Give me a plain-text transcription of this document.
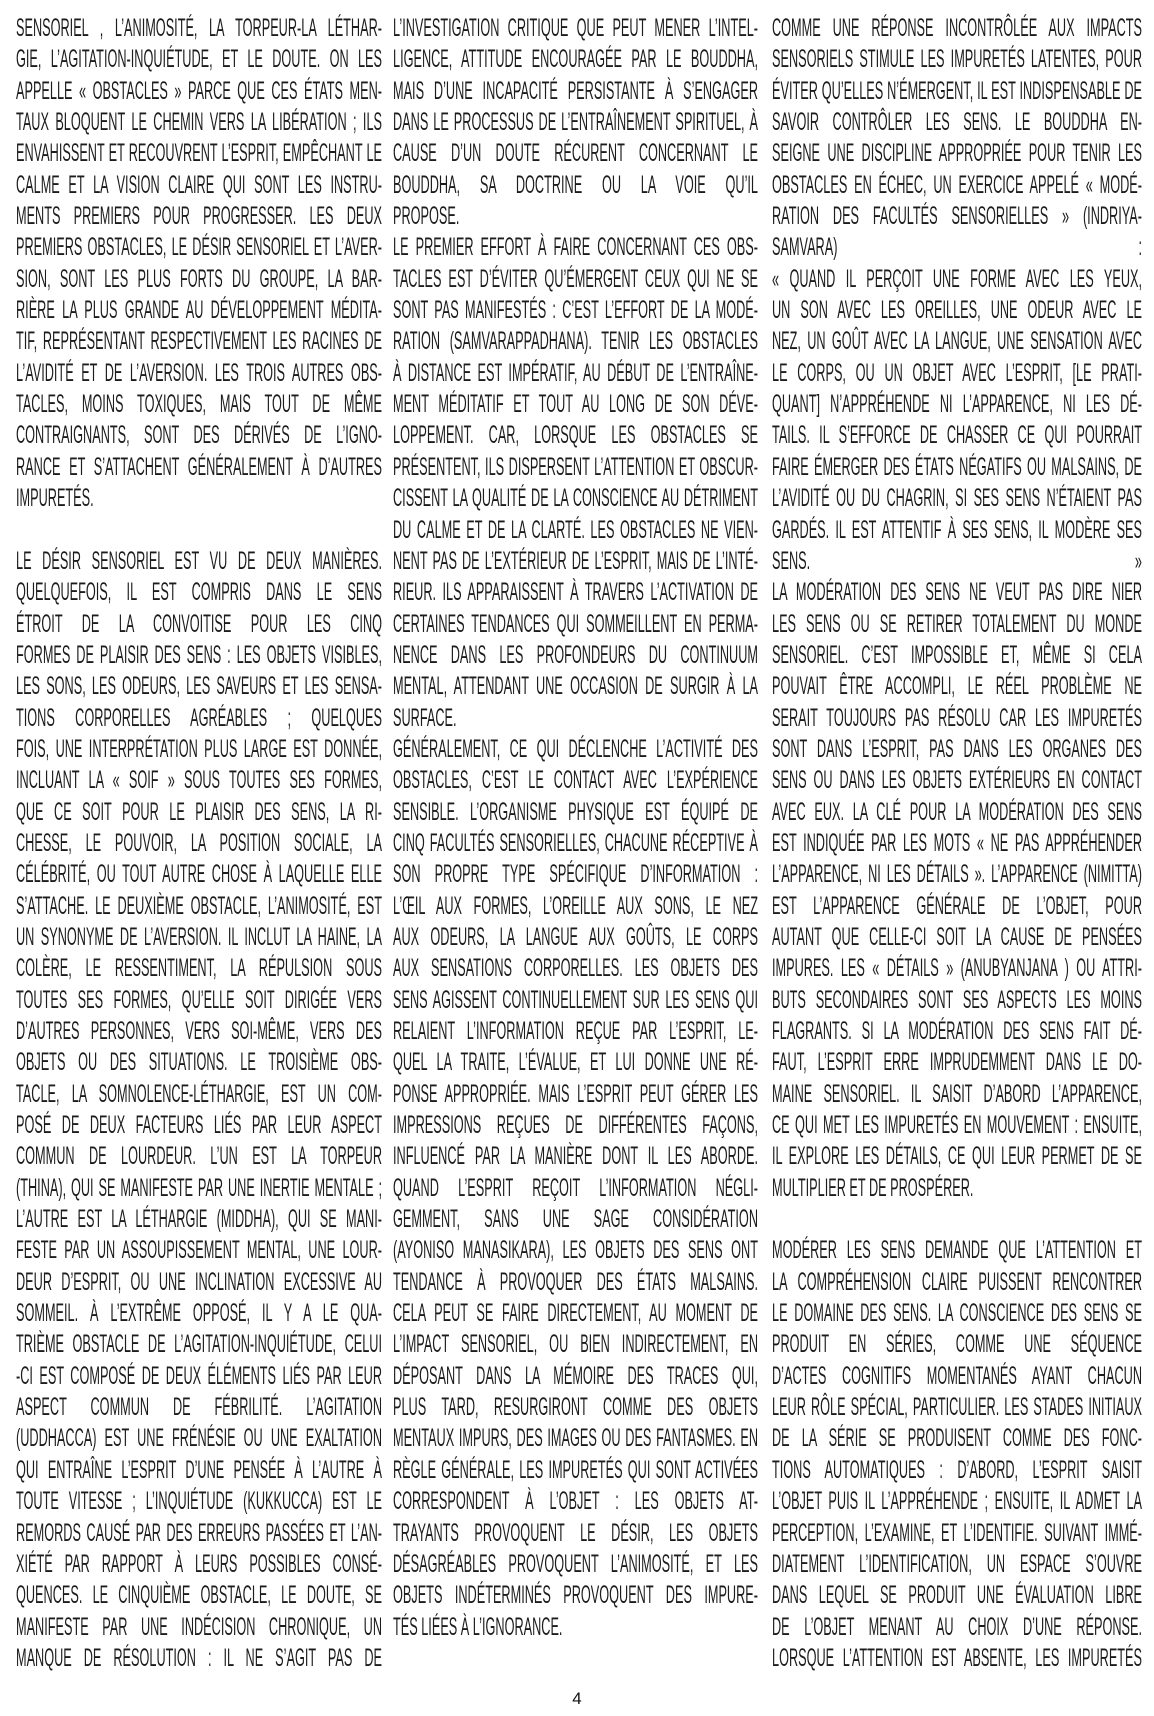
SENSORIEL , L’ANIMOSITÉ, LA TORPEUR-LA LÉTHAR-
GIE, L’AGITATION-INQUIÉTUDE, ET LE DOUTE. ON LES
APPELLE « OBSTACLES » PARCE QUE CES ÉTATS MEN-
TAUX BLOQUENT LE CHEMIN VERS LA LIBÉRATION ; ILS
ENVAHISSENT ET RECOUVRENT L’ESPRIT, EMPÊCHANT LE
CALME ET LA VISION CLAIRE QUI SONT LES INSTRU-
MENTS PREMIERS POUR PROGRESSER. LES DEUX
PREMIERS OBSTACLES, LE DÉSIR SENSORIEL ET L’AVER-
SION, SONT LES PLUS FORTS DU GROUPE, LA BAR-
RIÈRE LA PLUS GRANDE AU DÉVELOPPEMENT MÉDITA-
TIF, REPRÉSENTANT RESPECTIVEMENT LES RACINES DE
L’AVIDITÉ ET DE L’AVERSION. LES TROIS AUTRES OBS-
TACLES, MOINS TOXIQUES, MAIS TOUT DE MÊME
CONTRAIGNANTS, SONT DES DÉRIVÉS DE L’IGNO-
RANCE ET S’ATTACHENT GÉNÉRALEMENT À D’AUTRES
IMPURETÉS.
LE DÉSIR SENSORIEL EST VU DE DEUX MANIÈRES.
QUELQUEFOIS, IL EST COMPRIS DANS LE SENS
ÉTROIT DE LA CONVOITISE POUR LES CINQ
FORMES DE PLAISIR DES SENS : LES OBJETS VISIBLES,
LES SONS, LES ODEURS, LES SAVEURS ET LES SENSA-
TIONS CORPORELLES AGRÉABLES ; QUELQUES
FOIS, UNE INTERPRÉTATION PLUS LARGE EST DONNÉE,
INCLUANT LA « SOIF » SOUS TOUTES SES FORMES,
QUE CE SOIT POUR LE PLAISIR DES SENS, LA RI-
CHESSE, LE POUVOIR, LA POSITION SOCIALE, LA
CÉLÉBRITÉ, OU TOUT AUTRE CHOSE À LAQUELLE ELLE
S’ATTACHE. LE DEUXIÈME OBSTACLE, L’ANIMOSITÉ, EST
UN SYNONYME DE L’AVERSION. IL INCLUT LA HAINE, LA
COLÈRE, LE RESSENTIMENT, LA RÉPULSION SOUS
TOUTES SES FORMES, QU’ELLE SOIT DIRIGÉE VERS
D’AUTRES PERSONNES, VERS SOI-MÊME, VERS DES
OBJETS OU DES SITUATIONS. LE TROISIÈME OBS-
TACLE, LA SOMNOLENCE-LÉTHARGIE, EST UN COM-
POSÉ DE DEUX FACTEURS LIÉS PAR LEUR ASPECT
COMMUN DE LOURDEUR. L’UN EST LA TORPEUR
(THINA), QUI SE MANIFESTE PAR UNE INERTIE MENTALE ;
L’AUTRE EST LA LÉTHARGIE (MIDDHA), QUI SE MANI-
FESTE PAR UN ASSOUPISSEMENT MENTAL, UNE LOUR-
DEUR D’ESPRIT, OU UNE INCLINATION EXCESSIVE AU
SOMMEIL. À L’EXTRÊME OPPOSÉ, IL Y A LE QUA-
TRIÈME OBSTACLE DE L’AGITATION-INQUIÉTUDE, CELUI
-CI EST COMPOSÉ DE DEUX ÉLÉMENTS LIÉS PAR LEUR
ASPECT COMMUN DE FÉBRILITÉ. L’AGITATION
(UDDHACCA) EST UNE FRÉNÉSIE OU UNE EXALTATION
QUI ENTRAÎNE L’ESPRIT D’UNE PENSÉE À L’AUTRE À
TOUTE VITESSE ; L’INQUIÉTUDE (KUKKUCCA) EST LE
REMORDS CAUSÉ PAR DES ERREURS PASSÉES ET L’AN-
XIÉTÉ PAR RAPPORT À LEURS POSSIBLES CONSÉ-
QUENCES. LE CINQUIÈME OBSTACLE, LE DOUTE, SE
MANIFESTE PAR UNE INDÉCISION CHRONIQUE, UN
MANQUE DE RÉSOLUTION : IL NE S’AGIT PAS DE
L’INVESTIGATION CRITIQUE QUE PEUT MENER L’INTEL-
LIGENCE, ATTITUDE ENCOURAGÉE PAR LE BOUDDHA,
MAIS D’UNE INCAPACITÉ PERSISTANTE À S’ENGAGER
DANS LE PROCESSUS DE L’ENTRAÎNEMENT SPIRITUEL, À
CAUSE D’UN DOUTE RÉCURENT CONCERNANT LE
BOUDDHA, SA DOCTRINE OU LA VOIE QU’IL
PROPOSE.
LE PREMIER EFFORT À FAIRE CONCERNANT CES OBS-
TACLES EST D’ÉVITER QU’ÉMERGENT CEUX QUI NE SE
SONT PAS MANIFESTÉS : C’EST L’EFFORT DE LA MODÉ-
RATION (SAMVARAPPADHANA). TENIR LES OBSTACLES
À DISTANCE EST IMPÉRATIF, AU DÉBUT DE L’ENTRAÎNE-
MENT MÉDITATIF ET TOUT AU LONG DE SON DÉVE-
LOPPEMENT. CAR, LORSQUE LES OBSTACLES SE
PRÉSENTENT, ILS DISPERSENT L’ATTENTION ET OBSCUR-
CISSENT LA QUALITÉ DE LA CONSCIENCE AU DÉTRIMENT
DU CALME ET DE LA CLARTÉ. LES OBSTACLES NE VIEN-
NENT PAS DE L’EXTÉRIEUR DE L’ESPRIT, MAIS DE L’INTÉ-
RIEUR. ILS APPARAISSENT À TRAVERS L’ACTIVATION DE
CERTAINES TENDANCES QUI SOMMEILLENT EN PERMA-
NENCE DANS LES PROFONDEURS DU CONTINUUM
MENTAL, ATTENDANT UNE OCCASION DE SURGIR À LA
SURFACE.
GÉNÉRALEMENT, CE QUI DÉCLENCHE L’ACTIVITÉ DES
OBSTACLES, C’EST LE CONTACT AVEC L’EXPÉRIENCE
SENSIBLE. L’ORGANISME PHYSIQUE EST ÉQUIPÉ DE
CINQ FACULTÉS SENSORIELLES, CHACUNE RÉCEPTIVE À
SON PROPRE TYPE SPÉCIFIQUE D’INFORMATION :
L’ŒIL AUX FORMES, L’OREILLE AUX SONS, LE NEZ
AUX ODEURS, LA LANGUE AUX GOÛTS, LE CORPS
AUX SENSATIONS CORPORELLES. LES OBJETS DES
SENS AGISSENT CONTINUELLEMENT SUR LES SENS QUI
RELAIENT L’INFORMATION REÇUE PAR L’ESPRIT, LE-
QUEL LA TRAITE, L’ÉVALUE, ET LUI DONNE UNE RÉ-
PONSE APPROPRIÉE. MAIS L’ESPRIT PEUT GÉRER LES
IMPRESSIONS REÇUES DE DIFFÉRENTES FAÇONS,
INFLUENCÉ PAR LA MANIÈRE DONT IL LES ABORDE.
QUAND L’ESPRIT REÇOIT L’INFORMATION NÉGLI-
GEMMENT, SANS UNE SAGE CONSIDÉRATION
(AYONISO MANASIKARA), LES OBJETS DES SENS ONT
TENDANCE À PROVOQUER DES ÉTATS MALSAINS.
CELA PEUT SE FAIRE DIRECTEMENT, AU MOMENT DE
L’IMPACT SENSORIEL, OU BIEN INDIRECTEMENT, EN
DÉPOSANT DANS LA MÉMOIRE DES TRACES QUI,
PLUS TARD, RESURGIRONT COMME DES OBJETS
MENTAUX IMPURS, DES IMAGES OU DES FANTASMES. EN
RÈGLE GÉNÉRALE, LES IMPURETÉS QUI SONT ACTIVÉES
CORRESPONDENT À L’OBJET : LES OBJETS AT-
TRAYANTS PROVOQUENT LE DÉSIR, LES OBJETS
DÉSAGRÉABLES PROVOQUENT L’ANIMOSITÉ, ET LES
OBJETS INDÉTERMINÉS PROVOQUENT DES IMPURE-
TÉS LIÉES À L’IGNORANCE.
COMME UNE RÉPONSE INCONTRÔLÉE AUX IMPACTS
SENSORIELS STIMULE LES IMPURETÉS LATENTES, POUR
ÉVITER QU’ELLES N’ÉMERGENT, IL EST INDISPENSABLE DE
SAVOIR CONTRÔLER LES SENS. LE BOUDDHA EN-
SEIGNE UNE DISCIPLINE APPROPRIÉE POUR TENIR LES
OBSTACLES EN ÉCHEC, UN EXERCICE APPELÉ « MODÉ-
RATION DES FACULTÉS SENSORIELLES » (INDRIYA-
SAMVARA) :
« QUAND IL PERÇOIT UNE FORME AVEC LES YEUX,
UN SON AVEC LES OREILLES, UNE ODEUR AVEC LE
NEZ, UN GOÛT AVEC LA LANGUE, UNE SENSATION AVEC
LE CORPS, OU UN OBJET AVEC L’ESPRIT, [LE PRATI-
QUANT] N’APPRÉHENDE NI L’APPARENCE, NI LES DÉ-
TAILS. IL S’EFFORCE DE CHASSER CE QUI POURRAIT
FAIRE ÉMERGER DES ÉTATS NÉGATIFS OU MALSAINS, DE
L’AVIDITÉ OU DU CHAGRIN, SI SES SENS N’ÉTAIENT PAS
GARDÉS. IL EST ATTENTIF À SES SENS, IL MODÈRE SES
SENS. »
LA MODÉRATION DES SENS NE VEUT PAS DIRE NIER
LES SENS OU SE RETIRER TOTALEMENT DU MONDE
SENSORIEL. C’EST IMPOSSIBLE ET, MÊME SI CELA
POUVAIT ÊTRE ACCOMPLI, LE RÉEL PROBLÈME NE
SERAIT TOUJOURS PAS RÉSOLU CAR LES IMPURETÉS
SONT DANS L’ESPRIT, PAS DANS LES ORGANES DES
SENS OU DANS LES OBJETS EXTÉRIEURS EN CONTACT
AVEC EUX. LA CLÉ POUR LA MODÉRATION DES SENS
EST INDIQUÉE PAR LES MOTS « NE PAS APPRÉHENDER
L’APPARENCE, NI LES DÉTAILS ». L’APPARENCE (NIMITTA)
EST L’APPARENCE GÉNÉRALE DE L’OBJET, POUR
AUTANT QUE CELLE-CI SOIT LA CAUSE DE PENSÉES
IMPURES. LES « DÉTAILS » (ANUBYANJANA ) OU ATTRI-
BUTS SECONDAIRES SONT SES ASPECTS LES MOINS
FLAGRANTS. SI LA MODÉRATION DES SENS FAIT DÉ-
FAUT, L’ESPRIT ERRE IMPRUDEMMENT DANS LE DO-
MAINE SENSORIEL. IL SAISIT D’ABORD L’APPARENCE,
CE QUI MET LES IMPURETÉS EN MOUVEMENT : ENSUITE,
IL EXPLORE LES DÉTAILS, CE QUI LEUR PERMET DE SE
MULTIPLIER ET DE PROSPÉRER.
MODÉRER LES SENS DEMANDE QUE L’ATTENTION ET
LA COMPRÉHENSION CLAIRE PUISSENT RENCONTRER
LE DOMAINE DES SENS. LA CONSCIENCE DES SENS SE
PRODUIT EN SÉRIES, COMME UNE SÉQUENCE
D’ACTES COGNITIFS MOMENTANÉS AYANT CHACUN
LEUR RÔLE SPÉCIAL, PARTICULIER. LES STADES INITIAUX
DE LA SÉRIE SE PRODUISENT COMME DES FONC-
TIONS AUTOMATIQUES : D’ABORD, L’ESPRIT SAISIT
L’OBJET PUIS IL L’APPRÉHENDE ; ENSUITE, IL ADMET LA
PERCEPTION, L’EXAMINE, ET L’IDENTIFIE. SUIVANT IMMÉ-
DIATEMENT L’IDENTIFICATION, UN ESPACE S’OUVRE
DANS LEQUEL SE PRODUIT UNE ÉVALUATION LIBRE
DE L’OBJET MENANT AU CHOIX D’UNE RÉPONSE.
LORSQUE L’ATTENTION EST ABSENTE, LES IMPURETÉS
4
